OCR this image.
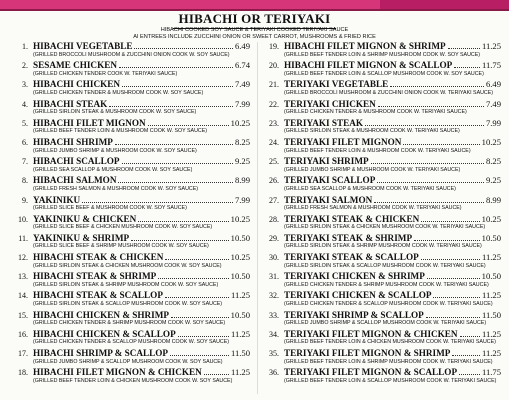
HIBACHI OR TERIYAKI
HIBACHI COOKED SOY SAUCE & TERIYAKI COOKED TERIYAKI SAUCE
AI ENTREES INCLUDE ZUCCHINI ONION OR SWEET CARROT, MUSHROOMS & FRIED RICE
1. HIBACHI VEGETABLE	6.49
(GRILLED BROCCOLI MUSHROOM & ZUCCHINI ONION COOK W. SOY SAUCE)
2. SESAME CHICKEN	6.74
(GRILLED CHICKEN TENDER COOK W. TERIYAKI SAUCE)
3. HIBACHI CHICKEN	7.49
(GRILLED CHICKEN TENDER & MUSHROOM COOK W. SOY SAUCE)
4. HIBACHI STEAK	7.99
(GRILLED SIRLOIN STEAK & MUSHROOM COOK W. SOY SAUCE)
5. HIBACHI FILET MIGNON	10.25
(GRILLED BEEF TENDER LOIN & MUSHROOM COOK W. SOY SAUCE)
6. HIBACHI SHRIMP	8.25
(GRILLED JUMBO SHRIMP & MUSHROOM COOK W. SOY SAUCE)
7. HIBACHI SCALLOP	9.25
(GRILLED SEA SCALLOP & MUSHROOM COOK W. SOY SAUCE)
8. HIBACHI SALMON	8.99
(GRILLED FRESH SALMON & MUSHROOM COOK W. SOY SAUCE)
9. YAKINIKU	7.99
(GRILLED SLICE BEEF & MUSHROOM COOK W. SOY SAUCE)
10. YAKINIKU & CHICKEN	10.25
(GRILLED SLICE BEEF & CHICKEN MUSHROOM COOK W. SOY SAUCE)
11. YAKINIKU & SHRIMP	10.50
(GRILLED SLICE BEEF & SHRIMP MUSHROOM COOK W. SOY SAUCE)
12. HIBACHI STEAK & CHICKEN	10.25
(GRILLED SIRLOIN STEAK & CHICKEN MUSHROOM COOK W. SOY SAUCE)
13. HIBACHI STEAK & SHRIMP	10.50
(GRILLED SIRLOIN STEAK & SHRIMP MUSHROOM COOK W. SOY SAUCE)
14. HIBACHI STEAK & SCALLOP	11.25
(GRILLED SIRLOIN STEAK & SCALLOP MUSHROOM COOK W. SOY SAUCE)
15. HIBACHI CHICKEN & SHRIMP	10.50
(GRILLED CHICKEN TENDER & SHRIMP MUSHROOM COOK W. SOY SAUCE)
16. HIBACHI CHICKEN & SCALLOP	11.25
(GRILLED CHICKEN TENDER & SCALLOP MUSHROOM COOK W. SOY SAUCE)
17. HIBACHI SHRIMP & SCALLOP	11.50
(GRILLED JUMBO SHRIMP & SCALLOP MUSHROOM COOK W. SOY SAUCE)
18. HIBACHI FILET MIGNON & CHICKEN	11.25
(GRILLED BEEF TENDER LOIN & CHICKEN MUSHROOM COOK W. SOY SAUCE)
19. HIBACHI FILET MIGNON & SHRIMP	11.25
(GRILLED BEEF TENDER LOIN & SHRIMP MUSHROOM COOK W. SOY SAUCE)
20. HIBACHI FILET MIGNON & SCALLOP	11.75
(GRILLED BEEF TENDER LOIN & SCALLOP MUSHROOM COOK W. SOY SAUCE)
21. TERIYAKI VEGETABLE	6.49
(GRILLED BROCCOLI MUSHROOM & ZUCCHINI ONION COOK W. TERIYAKI SAUCE)
22. TERIYAKI CHICKEN	7.49
(GRILLED CHICKEN TENDER & MUSHROOM COOK W. TERIYAKI SAUCE)
23. TERIYAKI STEAK	7.99
(GRILLED SIRLOIN STEAK & MUSHROOM COOK W. TERIYAKI SAUCE)
24. TERIYAKI FILET MIGNON	10.25
(GRILLED BEEF TENDER LOIN & MUSHROOM COOK W. TERIYAKI SAUCE)
25. TERIYAKI SHRIMP	8.25
(GRILLED JUMBO SHRIMP & MUSHROOM COOK W. TERIYAKI SAUCE)
26. TERIYAKI SCALLOP	9.25
(GRILLED SEA SCALLOP & MUSHROOM COOK W. TERIYAKI SAUCE)
27. TERIYAKI SALMON	8.99
(GRILLED FRESH SALMON & MUSHROOM COOK W. TERIYAKI SAUCE)
28. TERIYAKI STEAK & CHICKEN	10.25
(GRILLED SIRLOIN STEAK & CHICKEN MUSHROOM COOK W. TERIYAKI SAUCE)
29. TERIYAKI STEAK & SHRIMP	10.50
(GRILLED SIRLOIN STEAK & SHRIMP MUSHROOM COOK W. TERIYAKI SAUCE)
30. TERIYAKI STEAK & SCALLOP	11.25
(GRILLED SIRLOIN STEAK & SCALLOP MUSHROOM COOK W. TERIYAKI SAUCE)
31. TERIYAKI CHICKEN & SHRIMP	10.50
(GRILLED CHICKEN TENDER & SHRIMP MUSHROOM COOK W. TERIYAKI SAUCE)
32. TERIYAKI CHICKEN & SCALLOP	11.25
(GRILLED CHICKEN TENDER & SCALLOP MUSHROOM COOK W. TERIYAKI SAUCE)
33. TERIYAKI SHRIMP & SCALLOP	11.50
(GRILLED JUMBO SHRIMP & SCALLOP MUSHROOM COOK W. TERIYAKI SAUCE)
34. TERIYAKI FILET MIGNON & CHICKEN	11.25
(GRILLED BEEF TENDER LOIN & CHICKEN MUSHROOM COOK W. TERIYAKI SAUCE)
35. TERIYAKI FILET MIGNON & SHRIMP	11.25
(GRILLED BEEF TENDER LOIN & SHRIMP MUSHROOM COOK W. TERIYAKI SAUCE)
36. TERIYAKI FILET MIGNON & SCALLOP	11.75
(GRILLED BEEF TENDER LOIN & SCALLOP MUSHROOM COOK W. TERIYAKI SAUCE)
